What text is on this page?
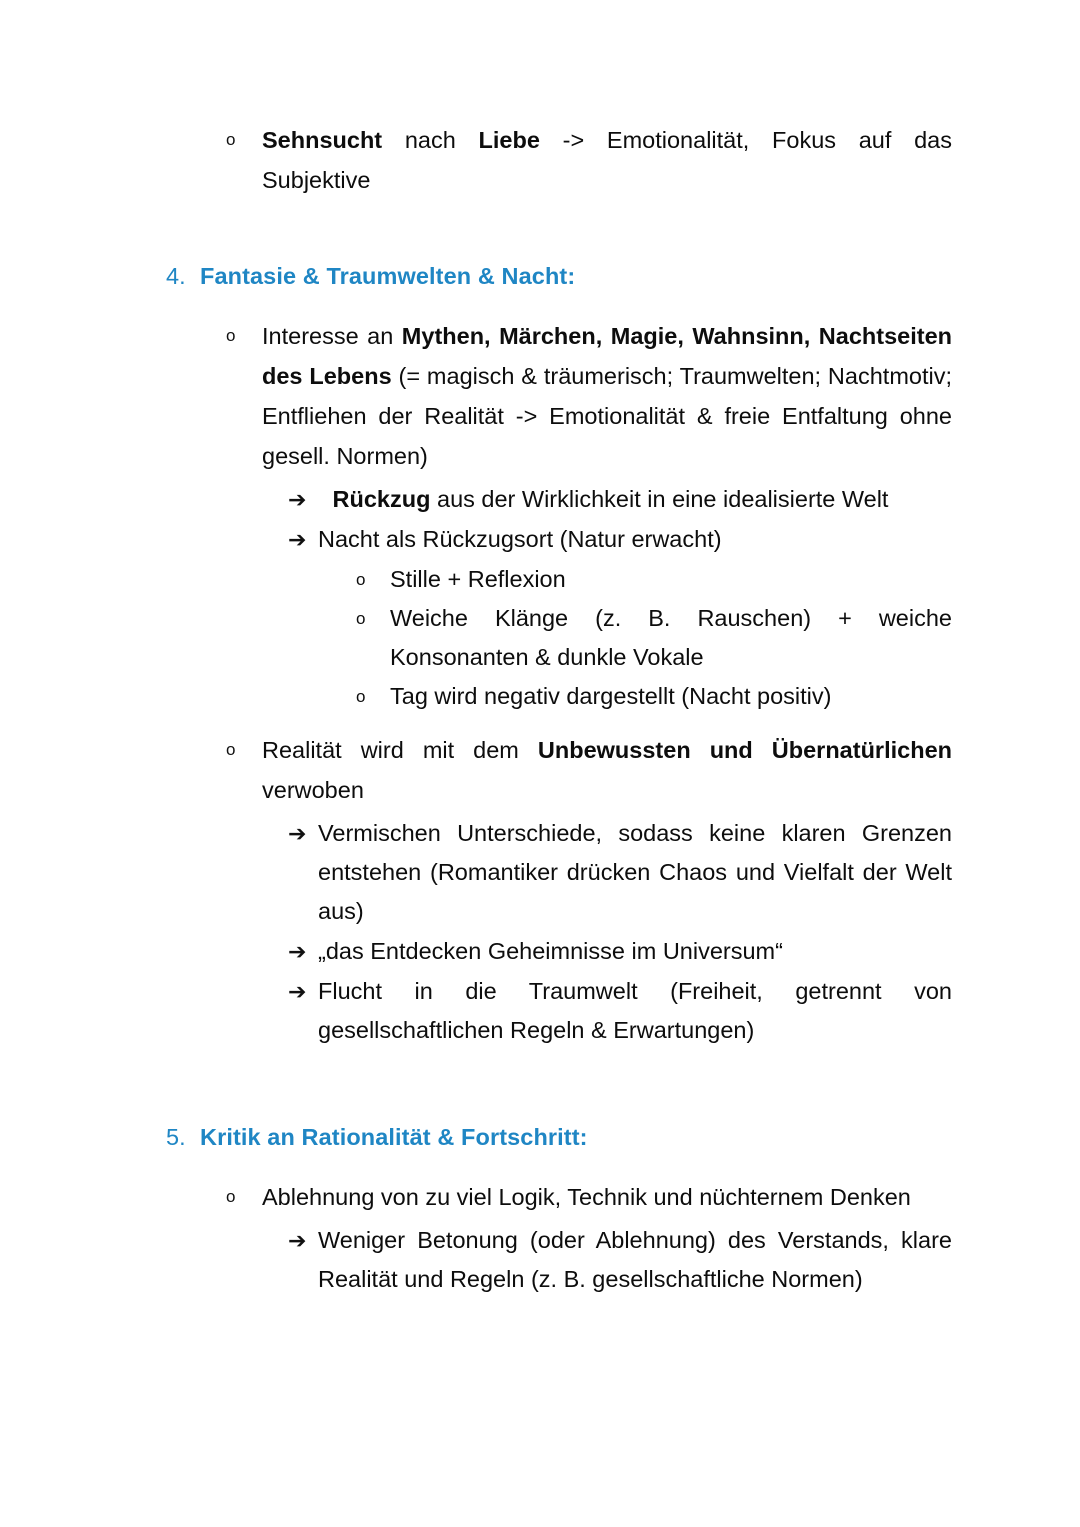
o	Sehnsucht nach Liebe -> Emotionalität, Fokus auf das Subjektive
4. Fantasie & Traumwelten & Nacht:
o	Interesse an Mythen, Märchen, Magie, Wahnsinn, Nachtseiten des Lebens (= magisch & träumerisch; Traumwelten; Nachtmotiv; Entfliehen der Realität -> Emotionalität & freie Entfaltung ohne gesell. Normen)
➔ Rückzug aus der Wirklichkeit in eine idealisierte Welt
➔ Nacht als Rückzugsort (Natur erwacht)
o	Stille + Reflexion
o	Weiche Klänge (z. B. Rauschen) + weiche Konsonanten & dunkle Vokale
o	Tag wird negativ dargestellt (Nacht positiv)
o	Realität wird mit dem Unbewussten und Übernatürlichen verwoben
➔ Vermischen Unterschiede, sodass keine klaren Grenzen entstehen (Romantiker drücken Chaos und Vielfalt der Welt aus)
➔ „das Entdecken Geheimnisse im Universum“
➔ Flucht in die Traumwelt (Freiheit, getrennt von gesellschaftlichen Regeln & Erwartungen)
5. Kritik an Rationalität & Fortschritt:
o	Ablehnung von zu viel Logik, Technik und nüchternem Denken
➔ Weniger Betonung (oder Ablehnung) des Verstands, klare Realität und Regeln (z. B. gesellschaftliche Normen)
